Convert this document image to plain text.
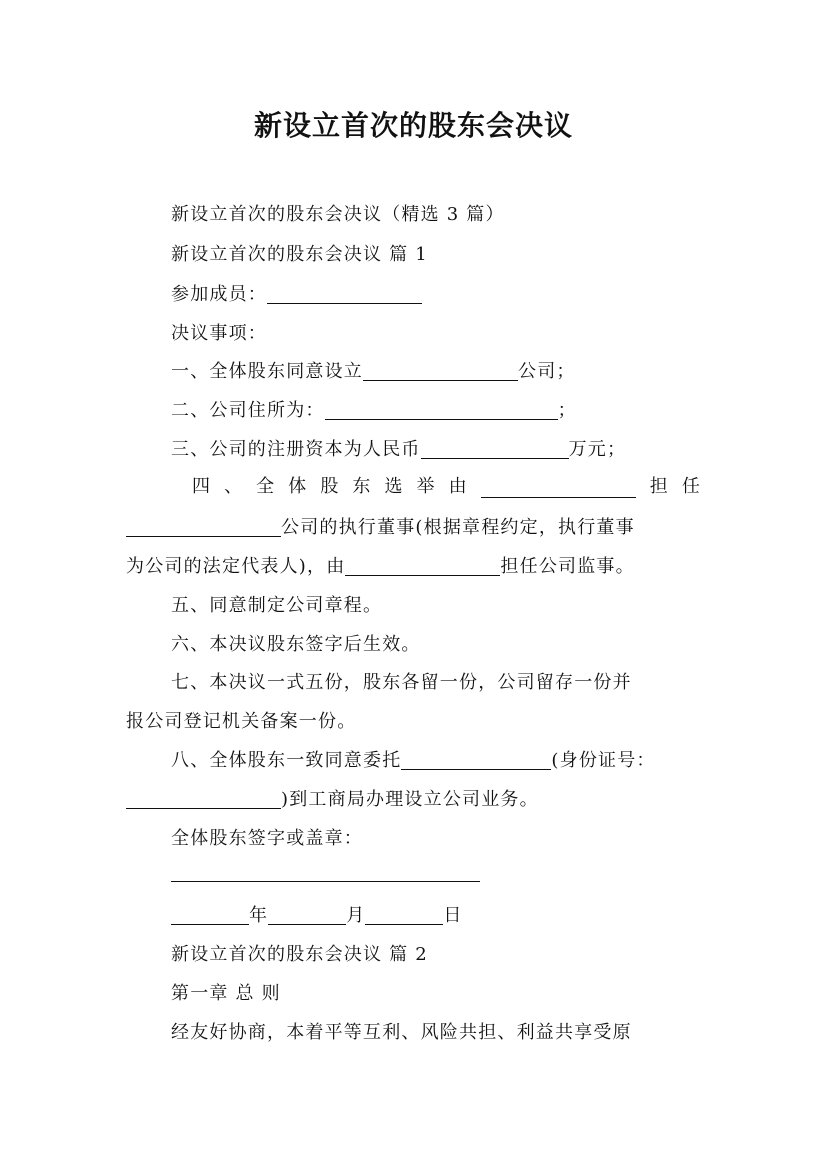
新设立首次的股东会决议
新设立首次的股东会决议（精选 3 篇）
新设立首次的股东会决议 篇 1
参加成员：
决议事项：
一、全体股东同意设立	公司；
二、公司住所为：	；
三、公司的注册资本为人民币	万元；
四 、 全 体 股 东 选 举 由	担 任
公司的执行董事(根据章程约定，执行董事
为公司的法定代表人)，由	担任公司监事。
五、同意制定公司章程。
六、本决议股东签字后生效。
七、本决议一式五份，股东各留一份，公司留存一份并
报公司登记机关备案一份。
八、全体股东一致同意委托	(身份证号：
)到工商局办理设立公司业务。
全体股东签字或盖章：
年	月	日
新设立首次的股东会决议 篇 2
第一章 总 则
经友好协商，本着平等互利、风险共担、利益共享受原
